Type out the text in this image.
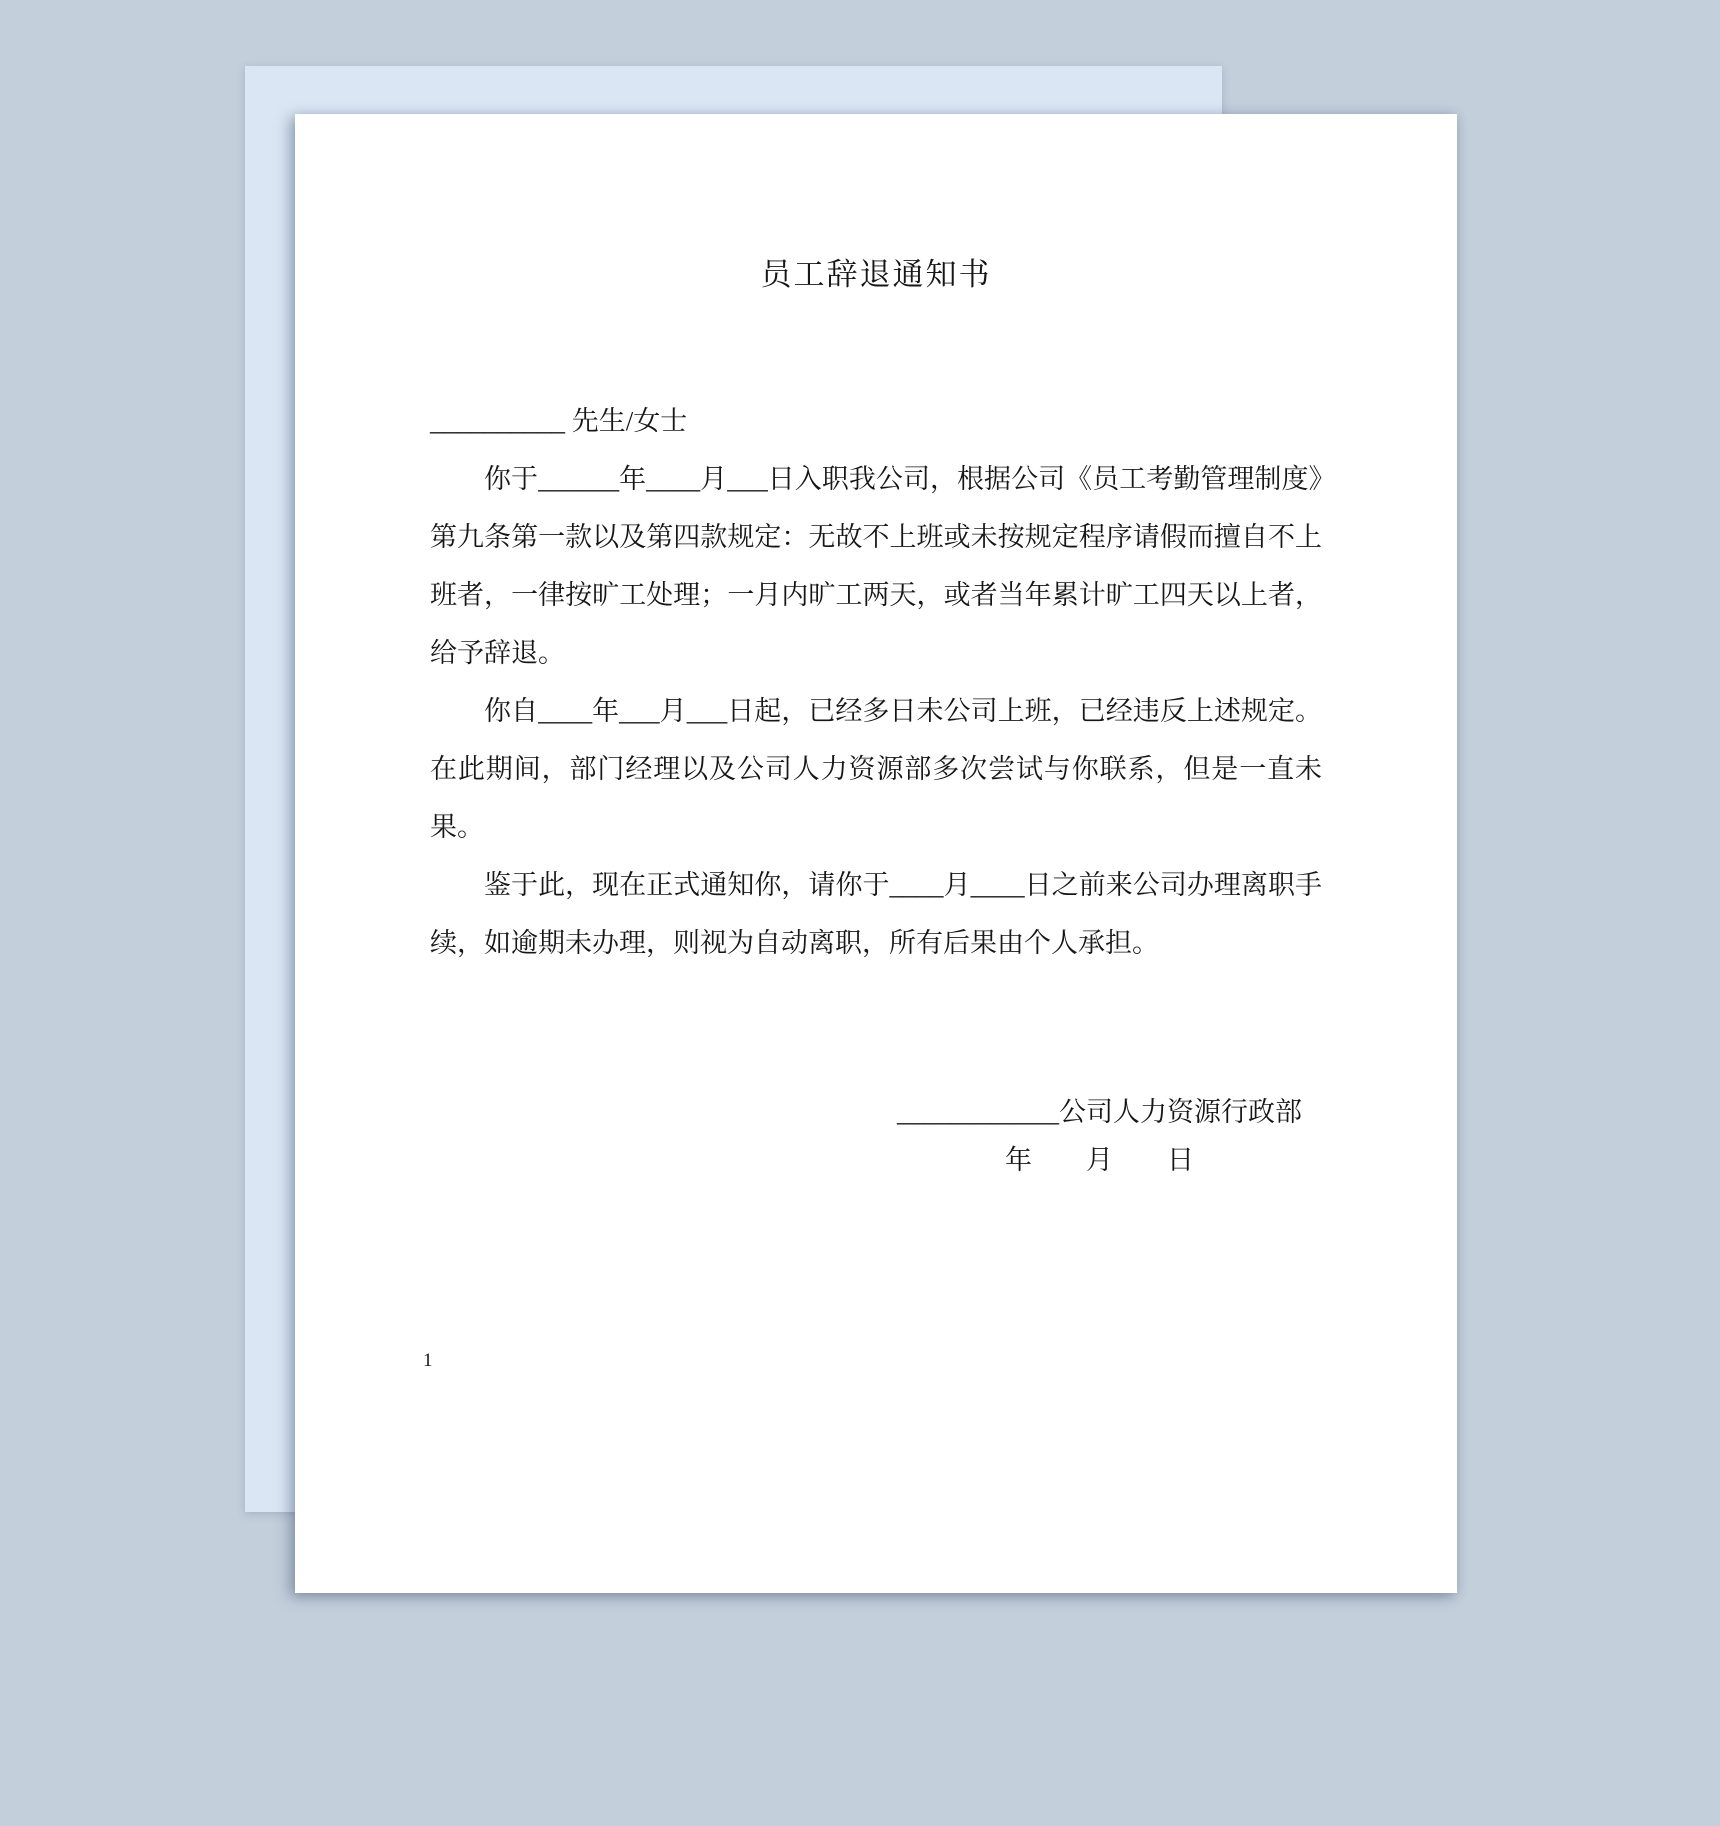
员工辞退通知书

__________ 先生/女士

你于______年____月___日入职我公司，根据公司《员工考勤管理制度》第九条第一款以及第四款规定：无故不上班或未按规定程序请假而擅自不上班者，一律按旷工处理；一月内旷工两天，或者当年累计旷工四天以上者，给予辞退。

你自____年___月___日起，已经多日未公司上班，已经违反上述规定。在此期间，部门经理以及公司人力资源部多次尝试与你联系，但是一直未果。

鉴于此，现在正式通知你，请你于____月____日之前来公司办理离职手续，如逾期未办理，则视为自动离职，所有后果由个人承担。

____________公司人力资源行政部
年　　月　　日
1
